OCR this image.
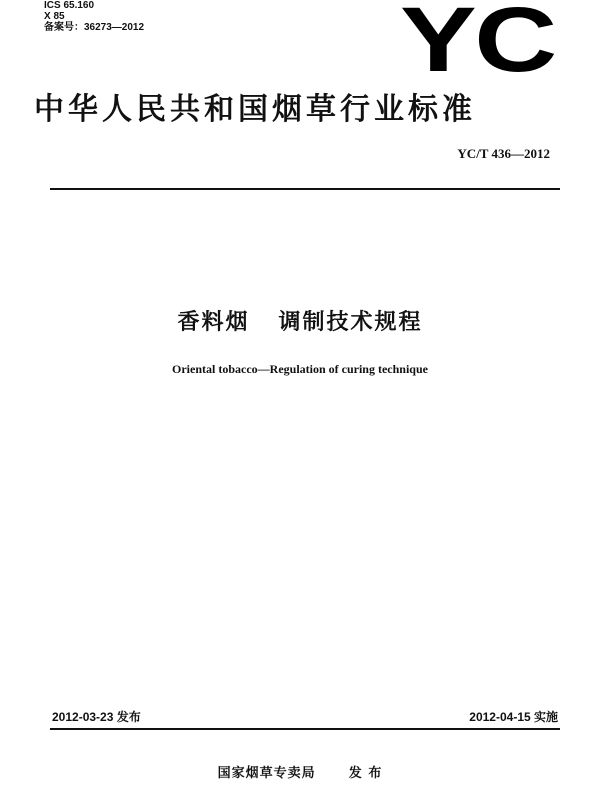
ICS 65.160
X 85
备案号：36273—2012	YC
中华人民共和国烟草行业标准
YC/T 436—2012
香料烟   调制技术规程
Oriental tobacco—Regulation of curing technique
2012-03-23 发布	2012-04-15 实施
国家烟草专卖局      发 布
